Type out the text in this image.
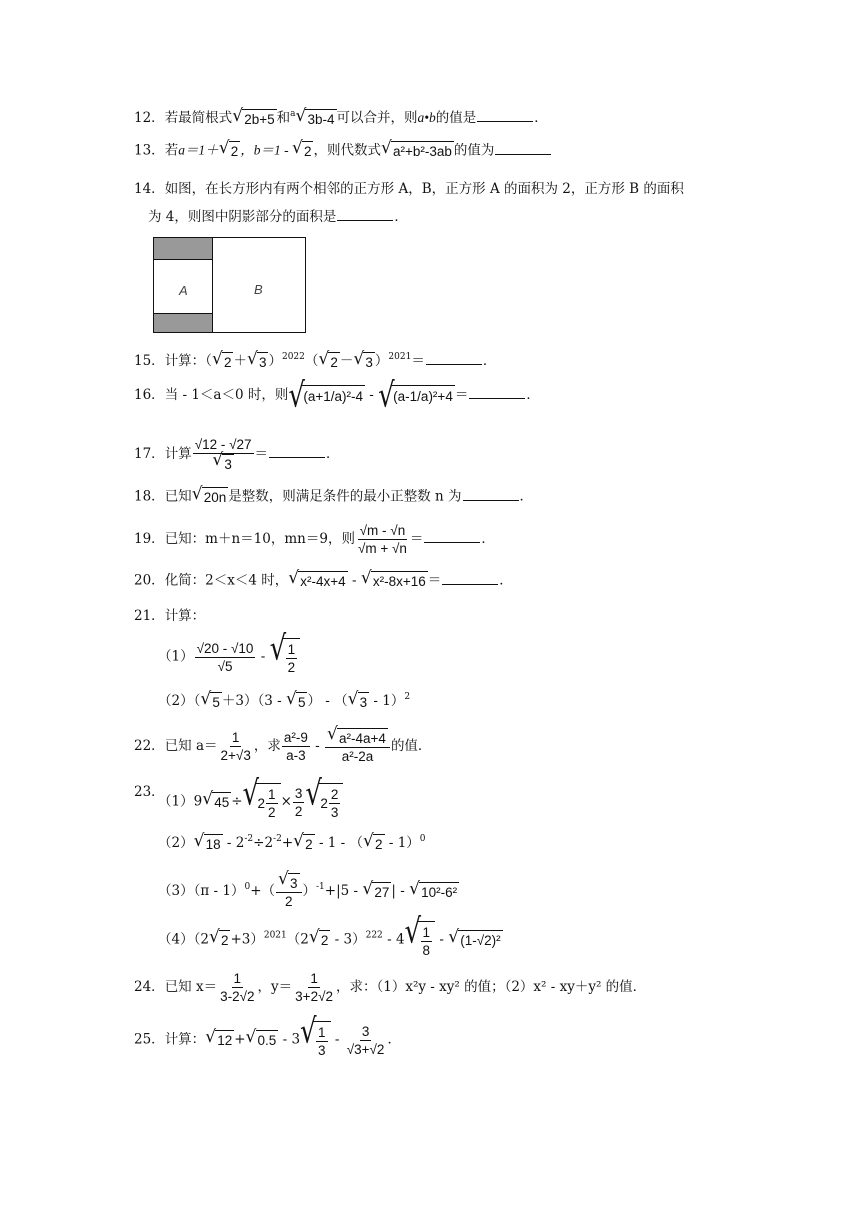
12．若最简根式√ 2b+5 和$^a$√ 3b-4 可以合并，则a•b的值是	．
13．若a＝1＋√ 2 ，b＝1 - √ 2 ，则代数式√ a²+b²-3ab 的值为
14．如图，在长方形内有两个相邻的正方形 A，B，正方形 A 的面积为 2，正方形 B 的面积
为 4，则图中阴影部分的面积是	．
A	B
15．计算：（√ 2 ＋√ 3 ）$^{2022}$（√ 2 －√ 3 ）$^{2021}$＝	．
16．当 - 1＜a＜0 时，则√ (a+1/a)²-4 - √ (a-1/a)²+4 ＝	．
17．计算 √12 - √27
√ 3 ＝	．
18．已知√ 20n 是整数，则满足条件的最小正整数 n 为	．
19．已知：m＋n＝10，mn＝9，则 $\frac{√m - √n}{√m + √n}$ ＝	．
20．化简：2＜x＜4 时，√ x²-4x+4 - √ x²-8x+16 ＝	．
21．计算：
$(1) \frac{√20 - √10}{√5}$ -
√ $\frac{1}{2}$
（2）（√ 5 ＋3）（3 - √ 5 ） - （√ 3 - 1）$^2$
22．已知 $a= \frac{1}{2+√3}$ ，求 $\frac{\text{a²-9}}{a-3}$ -
√ $\frac{\text{a²-4a+4}}{\text{a²-2a}}$ 的值．
23．
（1）9√ 45 ÷√ $2 \frac{1}{2} \times \frac{3}{2}$
√ $2 \frac{2}{3}$
（2）√ $18 - 2^{-2}\div 2^{-2}+√$ 2 - 1 - （√ 2 - 1）$^0$
（3）（π - 1）$^0$+（
√ $\frac{3}{2} )^{-1}+|5$ - √ 27 | - √ 10²-6²
（4）（2√ 2 +3）$^{2021}$（2√ 2 - 3）$^{222}$ - 4
√ $\frac{1}{8}$ - √ (1-√2)²
24．已知 $x= \frac{1}{3-2√2}$ ，$y= \frac{1}{3+2√2}$ ，求：（1）x²y - xy² 的值；（2）x² - xy＋y² 的值．
25．计算：√ 12 +√ 0.5 - 3
√ $\frac{1}{3} - \frac{3}{√3+√2}$ ．
